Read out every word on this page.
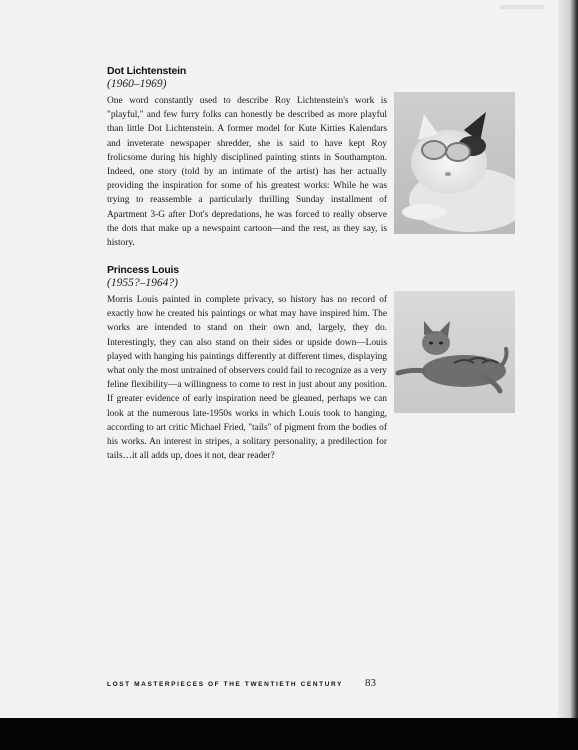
Dot Lichtenstein
(1960–1969)

One word constantly used to describe Roy Lichtenstein's work is "playful," and few furry folks can honestly be described as more playful than little Dot Lichtenstein. A former model for Kute Kitties Kalendars and inveterate newspaper shredder, she is said to have kept Roy frolicsome during his highly disciplined painting stints in Southampton. Indeed, one story (told by an intimate of the artist) has her actually providing the inspiration for some of his greatest works: While he was trying to reassemble a particularly thrilling Sunday installment of Apartment 3-G after Dot's depredations, he was forced to really observe the dots that make up a newspaint cartoon—and the rest, as they say, is history.

Princess Louis
(1955?–1964?)

Morris Louis painted in complete privacy, so history has no record of exactly how he created his paintings or what may have inspired him. The works are intended to stand on their own and, largely, they do. Interestingly, they can also stand on their sides or upside down—Louis played with hanging his paintings differently at different times, displaying what only the most untrained of observers could fail to recognize as a very feline flexibility—a willingness to come to rest in just about any position. If greater evidence of early inspiration need be gleaned, perhaps we can look at the numerous late-1950s works in which Louis took to hanging, according to art critic Michael Fried, "tails" of pigment from the bodies of his works. An interest in stripes, a solitary personality, a predilection for tails…it all adds up, does it not, dear reader?

LOST MASTERPIECES OF THE TWENTIETH CENTURY 83
